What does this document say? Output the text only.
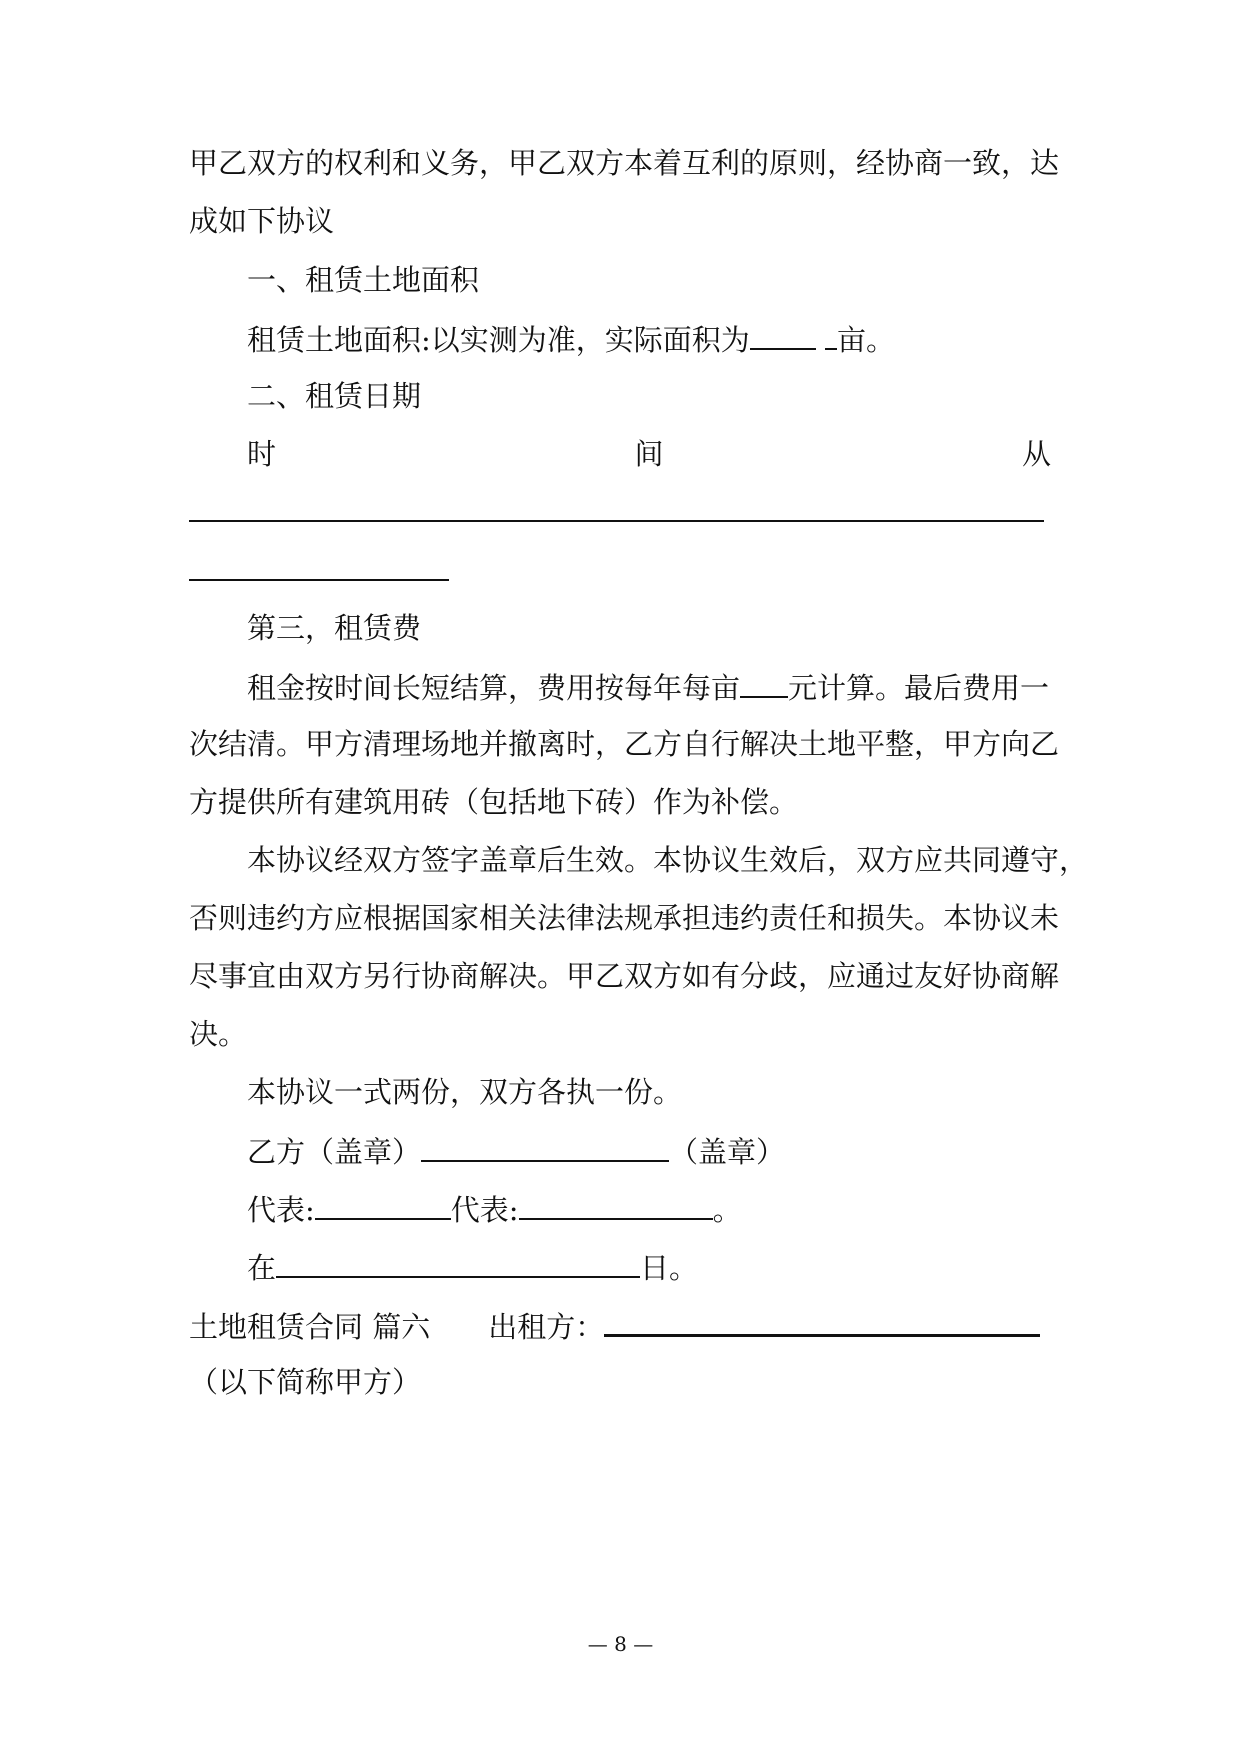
甲乙双方的权利和义务，甲乙双方本着互利的原则，经协商一致，达
成如下协议
一、租赁土地面积
租赁土地面积:以实测为准，实际面积为	亩。
二、租赁日期
时	间	从
第三，租赁费
租金按时间长短结算，费用按每年每亩 元计算。最后费用一
次结清。甲方清理场地并撤离时，乙方自行解决土地平整，甲方向乙
方提供所有建筑用砖（包括地下砖）作为补偿。
本协议经双方签字盖章后生效。本协议生效后，双方应共同遵守，
否则违约方应根据国家相关法律法规承担违约责任和损失。本协议未
尽事宜由双方另行协商解决。甲乙双方如有分歧，应通过友好协商解
决。
本协议一式两份，双方各执一份。
乙方（盖章）	（盖章）
代表:	代表:	。
在	日。
土地租赁合同 篇六 出租方：
（以下简称甲方）
— 8 —
